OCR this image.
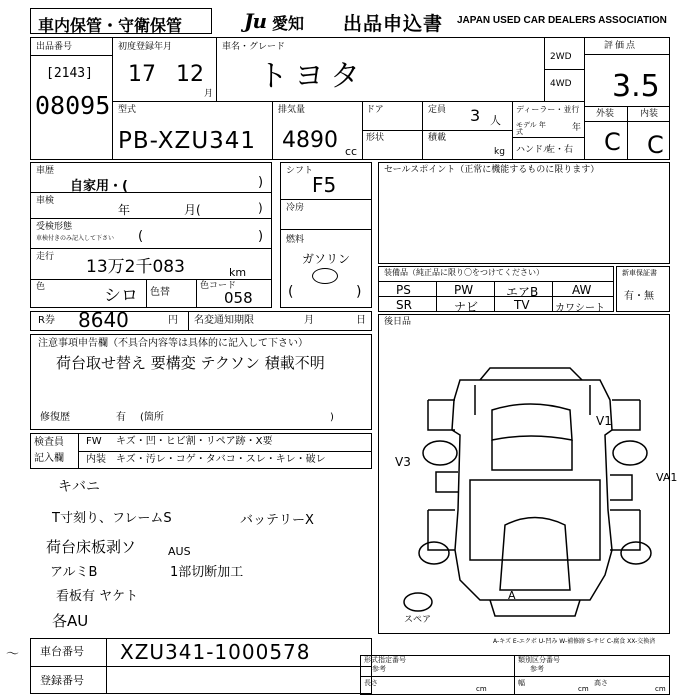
車内保管・守衛保管	Ju 愛知 出品申込書 JAPAN USED CAR DEALERS ASSOCIATION
出品番号
[2143]
08095
初度登録年月
17 12
月
車名・グレード
トヨタ
2WD
4WD
評価点
3.5
外装	内装
C C
型式
PB-XZU341
排気量
4890 cc
ドア	定員 3 人
形状	積載
kg
ディーラー・並行
モデル 年式	年
ハンドル
左・右
車歴
自家用・(	)
車検
年	月(	)
受検形態
車検付きのみ記入して下さい (	)
走行 13万2千083	km
色	シロ 色替
色コード
058
シフト
F5
冷房
燃料
ガソリン
(	)
セールスポイント（正常に機能するものに限ります）
装備品（純正品に限り〇をつけてください）
PS	PW	エアB	AW
SR	ナビ	TV	カワシート
新車保証書
有・無
R券 8640	円 名変通知期限	月	日
注意事項申告欄（不具合内容等は具体的に記入して下さい）
荷台取せ替え 要構変 テクソン 積載不明
修復歴	有 (箇所	)
後日品
V1
V3
VA1
A
スペア
A-キズ E-エクボ U-凹み W-補修跡 S-サビ C-腐食 XX-交換済
検査員
記入欄
FW キズ・凹・ヒビ割・リペア跡・X要
内装 キズ・汚レ・コゲ・タバコ・スレ・キレ・破レ
キバニ
T寸刻り、フレームS	バッテリーX
荷台床板剥ソ	AUS
アルミB	1部切断加工
看板有 ヤケト
各AU
〜 車台番号 XZU341-1000578
登録番号
形式指定番号
参考
類別区分番号
参考
長さ
cm
幅
cm
高さ
cm
